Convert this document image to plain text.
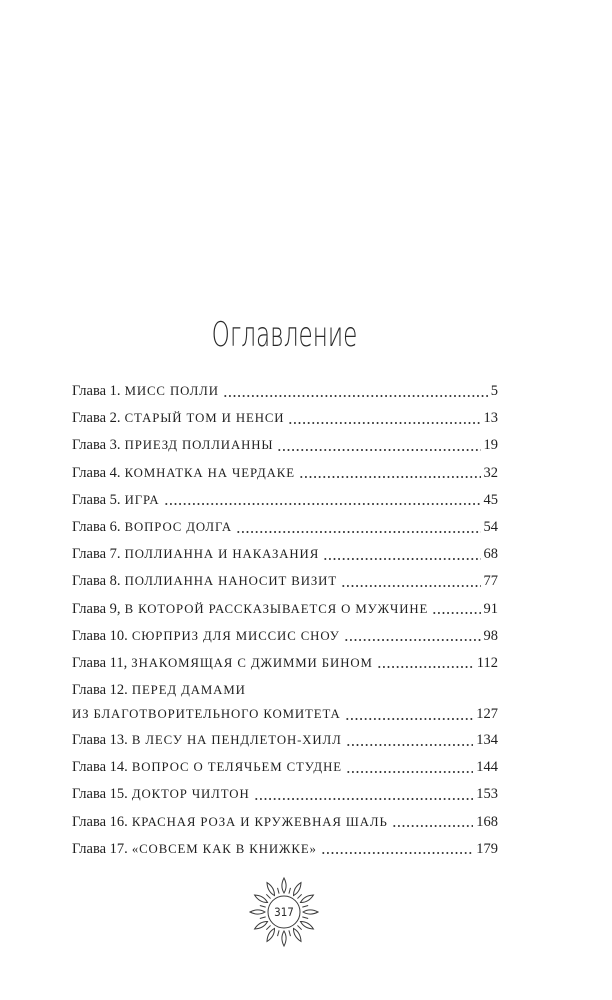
Оглавление
Глава 1. МИСС ПОЛЛИ	5
Глава 2. СТАРЫЙ ТОМ И НЕНСИ	13
Глава 3. ПРИЕЗД ПОЛЛИАННЫ	19
Глава 4. КОМНАТКА НА ЧЕРДАКЕ	32
Глава 5. ИГРА	45
Глава 6. ВОПРОС ДОЛГА	54
Глава 7. ПОЛЛИАННА И НАКАЗАНИЯ	68
Глава 8. ПОЛЛИАННА НАНОСИТ ВИЗИТ	77
Глава 9, В КОТОРОЙ РАССКАЗЫВАЕТСЯ О МУЖЧИНЕ	91
Глава 10. СЮРПРИЗ ДЛЯ МИССИС СНОУ	98
Глава 11, ЗНАКОМЯЩАЯ С ДЖИММИ БИНОМ	112
Глава 12. ПЕРЕД ДАМАМИ
ИЗ БЛАГОТВОРИТЕЛЬНОГО КОМИТЕТА	127
Глава 13. В ЛЕСУ НА ПЕНДЛЕТОН-ХИЛЛ	134
Глава 14. ВОПРОС О ТЕЛЯЧЬЕМ СТУДНЕ	144
Глава 15. ДОКТОР ЧИЛТОН	153
Глава 16. КРАСНАЯ РОЗА И КРУЖЕВНАЯ ШАЛЬ	168
Глава 17. «СОВСЕМ КАК В КНИЖКЕ»	179
317
